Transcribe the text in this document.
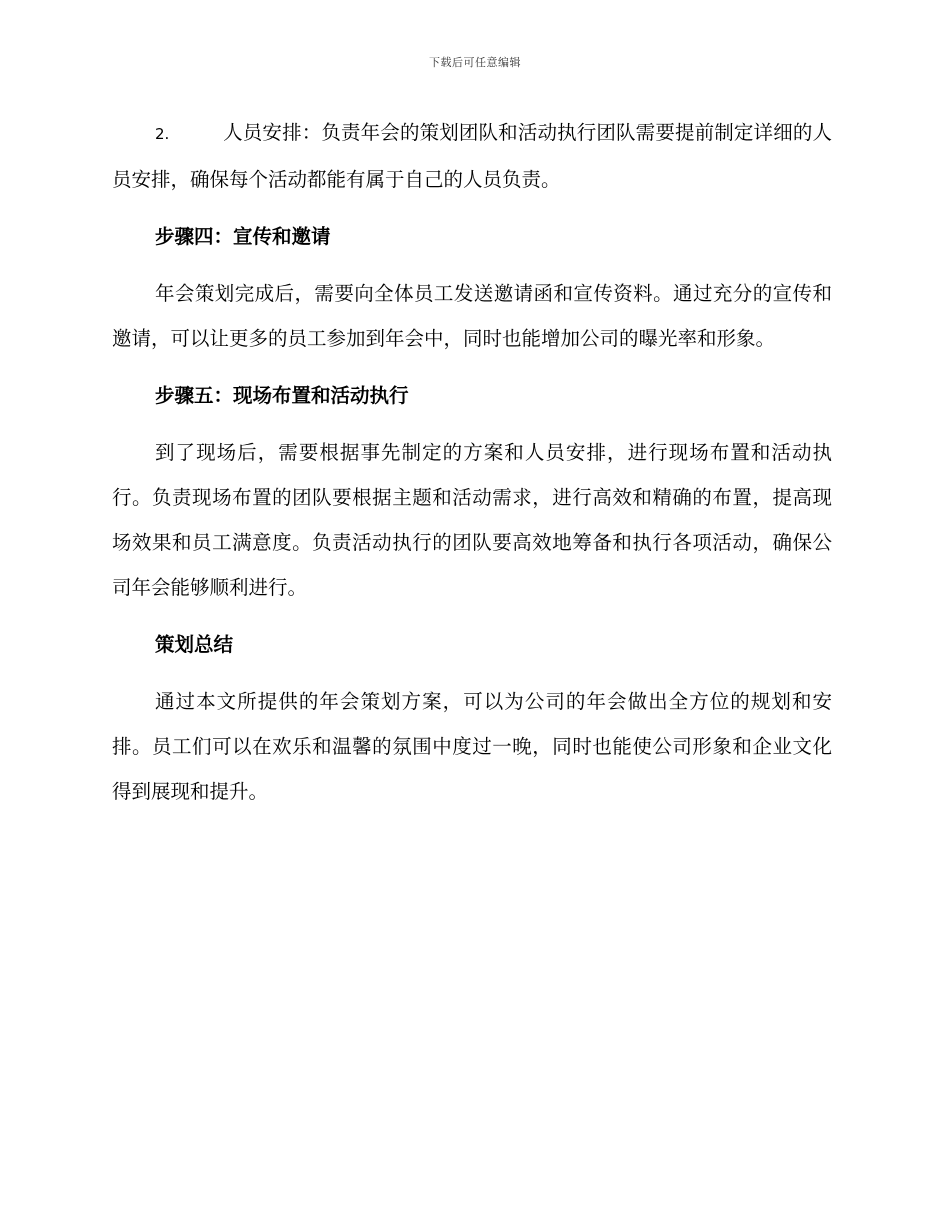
下载后可任意编辑

2.	人员安排：负责年会的策划团队和活动执行团队需要提前制定详细的人员安排，确保每个活动都能有属于自己的人员负责。

步骤四：宣传和邀请

年会策划完成后，需要向全体员工发送邀请函和宣传资料。通过充分的宣传和邀请，可以让更多的员工参加到年会中，同时也能增加公司的曝光率和形象。

步骤五：现场布置和活动执行

到了现场后，需要根据事先制定的方案和人员安排，进行现场布置和活动执行。负责现场布置的团队要根据主题和活动需求，进行高效和精确的布置，提高现场效果和员工满意度。负责活动执行的团队要高效地筹备和执行各项活动，确保公司年会能够顺利进行。

策划总结

通过本文所提供的年会策划方案，可以为公司的年会做出全方位的规划和安排。员工们可以在欢乐和温馨的氛围中度过一晚，同时也能使公司形象和企业文化得到展现和提升。
